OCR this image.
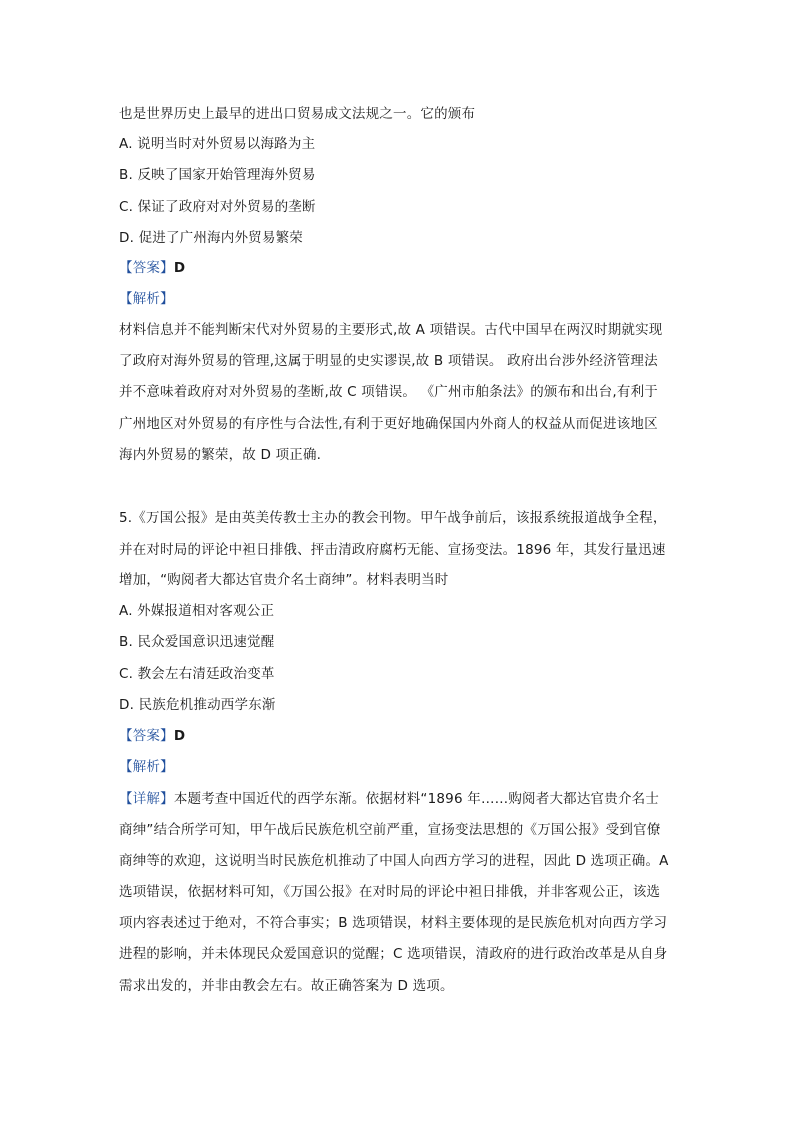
也是世界历史上最早的进出口贸易成文法规之一。它的颁布
A. 说明当时对外贸易以海路为主
B. 反映了国家开始管理海外贸易
C. 保证了政府对对外贸易的垄断
D. 促进了广州海内外贸易繁荣
【答案】D
【解析】
材料信息并不能判断宋代对外贸易的主要形式,故 A 项错误。古代中国早在两汉时期就实现
了政府对海外贸易的管理,这属于明显的史实谬误,故 B 项错误。 政府出台涉外经济管理法
并不意味着政府对对外贸易的垄断,故 C 项错误。 《广州市舶条法》的颁布和出台,有利于
广州地区对外贸易的有序性与合法性,有利于更好地确保国内外商人的权益从而促进该地区
海内外贸易的繁荣，故 D 项正确.
5.《万国公报》是由英美传教士主办的教会刊物。甲午战争前后，该报系统报道战争全程，
并在对时局的评论中袒日排俄、抨击清政府腐朽无能、宣扬变法。1896 年，其发行量迅速
增加，“购阅者大都达官贵介名士商绅”。材料表明当时
A. 外媒报道相对客观公正
B. 民众爱国意识迅速觉醒
C. 教会左右清廷政治变革
D. 民族危机推动西学东渐
【答案】D
【解析】
【详解】本题考查中国近代的西学东渐。依据材料“1896 年……购阅者大都达官贵介名士
商绅”结合所学可知，甲午战后民族危机空前严重，宣扬变法思想的《万国公报》受到官僚
商绅等的欢迎，这说明当时民族危机推动了中国人向西方学习的进程，因此 D 选项正确。A
选项错误，依据材料可知，《万国公报》在对时局的评论中袒日排俄，并非客观公正，该选
项内容表述过于绝对，不符合事实；B 选项错误，材料主要体现的是民族危机对向西方学习
进程的影响，并未体现民众爱国意识的觉醒；C 选项错误，清政府的进行政治改革是从自身
需求出发的，并非由教会左右。故正确答案为 D 选项。
